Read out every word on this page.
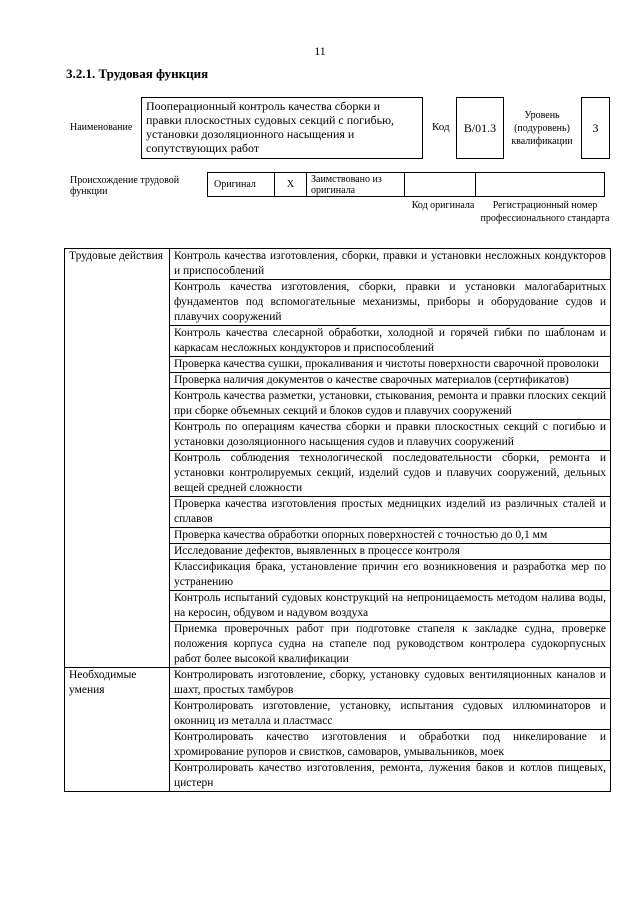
11
3.2.1. Трудовая функция
Наименование
Пооперационный контроль качества сборки и правки плоскостных судовых секций с погибью, установки дозоляционного насыщения и сопутствующих работ
Код	В/01.3
Уровень (подуровень) квалификации
3
Происхождение трудовой функции
Оригинал	X	Заимствовано из оригинала
Код оригинала	Регистрационный номер профессионального стандарта
Трудовые действия	Контроль качества изготовления, сборки, правки и установки несложных кондукторов и приспособлений
	Контроль качества изготовления, сборки, правки и установки малогабаритных фундаментов под вспомогательные механизмы, приборы и оборудование судов и плавучих сооружений
	Контроль качества слесарной обработки, холодной и горячей гибки по шаблонам и каркасам несложных кондукторов и приспособлений
	Проверка качества сушки, прокаливания и чистоты поверхности сварочной проволоки
	Проверка наличия документов о качестве сварочных материалов (сертификатов)
	Контроль качества разметки, установки, стыкования, ремонта и правки плоских секций при сборке объемных секций и блоков судов и плавучих сооружений
	Контроль по операциям качества сборки и правки плоскостных секций с погибью и установки дозоляционного насыщения судов и плавучих сооружений
	Контроль соблюдения технологической последовательности сборки, ремонта и установки контролируемых секций, изделий судов и плавучих сооружений, дельных вещей средней сложности
	Проверка качества изготовления простых медницких изделий из различных сталей и сплавов
	Проверка качества обработки опорных поверхностей с точностью до 0,1 мм
	Исследование дефектов, выявленных в процессе контроля
	Классификация брака, установление причин его возникновения и разработка мер по устранению
	Контроль испытаний судовых конструкций на непроницаемость методом налива воды, на керосин, обдувом и надувом воздуха
	Приемка проверочных работ при подготовке стапеля к закладке судна, проверке положения корпуса судна на стапеле под руководством контролера судокорпусных работ более высокой квалификации
Необходимые умения	Контролировать изготовление, сборку, установку судовых вентиляционных каналов и шахт, простых тамбуров
	Контролировать изготовление, установку, испытания судовых иллюминаторов и оконниц из металла и пластмасс
	Контролировать качество изготовления и обработки под никелирование и хромирование рупоров и свистков, самоваров, умывальников, моек
	Контролировать качество изготовления, ремонта, лужения баков и котлов пищевых, цистерн
